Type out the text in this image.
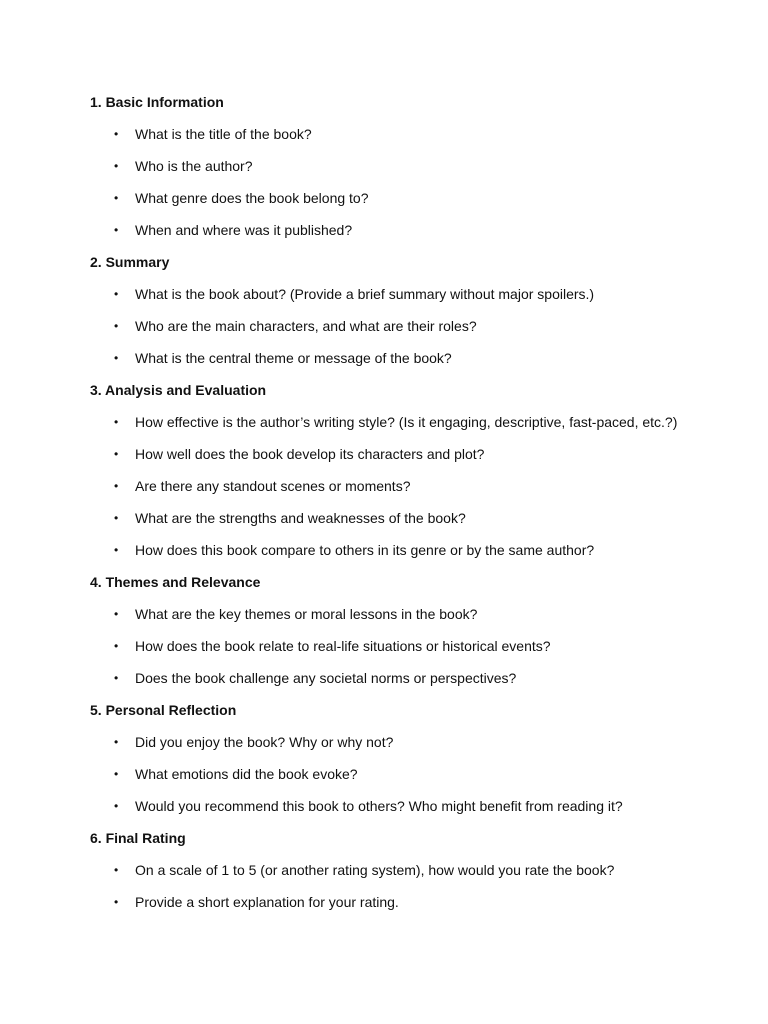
1. Basic Information
• What is the title of the book?
• Who is the author?
• What genre does the book belong to?
• When and where was it published?
2. Summary
• What is the book about? (Provide a brief summary without major spoilers.)
• Who are the main characters, and what are their roles?
• What is the central theme or message of the book?
3. Analysis and Evaluation
• How effective is the author’s writing style? (Is it engaging, descriptive, fast-paced, etc.?)
• How well does the book develop its characters and plot?
• Are there any standout scenes or moments?
• What are the strengths and weaknesses of the book?
• How does this book compare to others in its genre or by the same author?
4. Themes and Relevance
• What are the key themes or moral lessons in the book?
• How does the book relate to real-life situations or historical events?
• Does the book challenge any societal norms or perspectives?
5. Personal Reflection
• Did you enjoy the book? Why or why not?
• What emotions did the book evoke?
• Would you recommend this book to others? Who might benefit from reading it?
6. Final Rating
• On a scale of 1 to 5 (or another rating system), how would you rate the book?
• Provide a short explanation for your rating.
